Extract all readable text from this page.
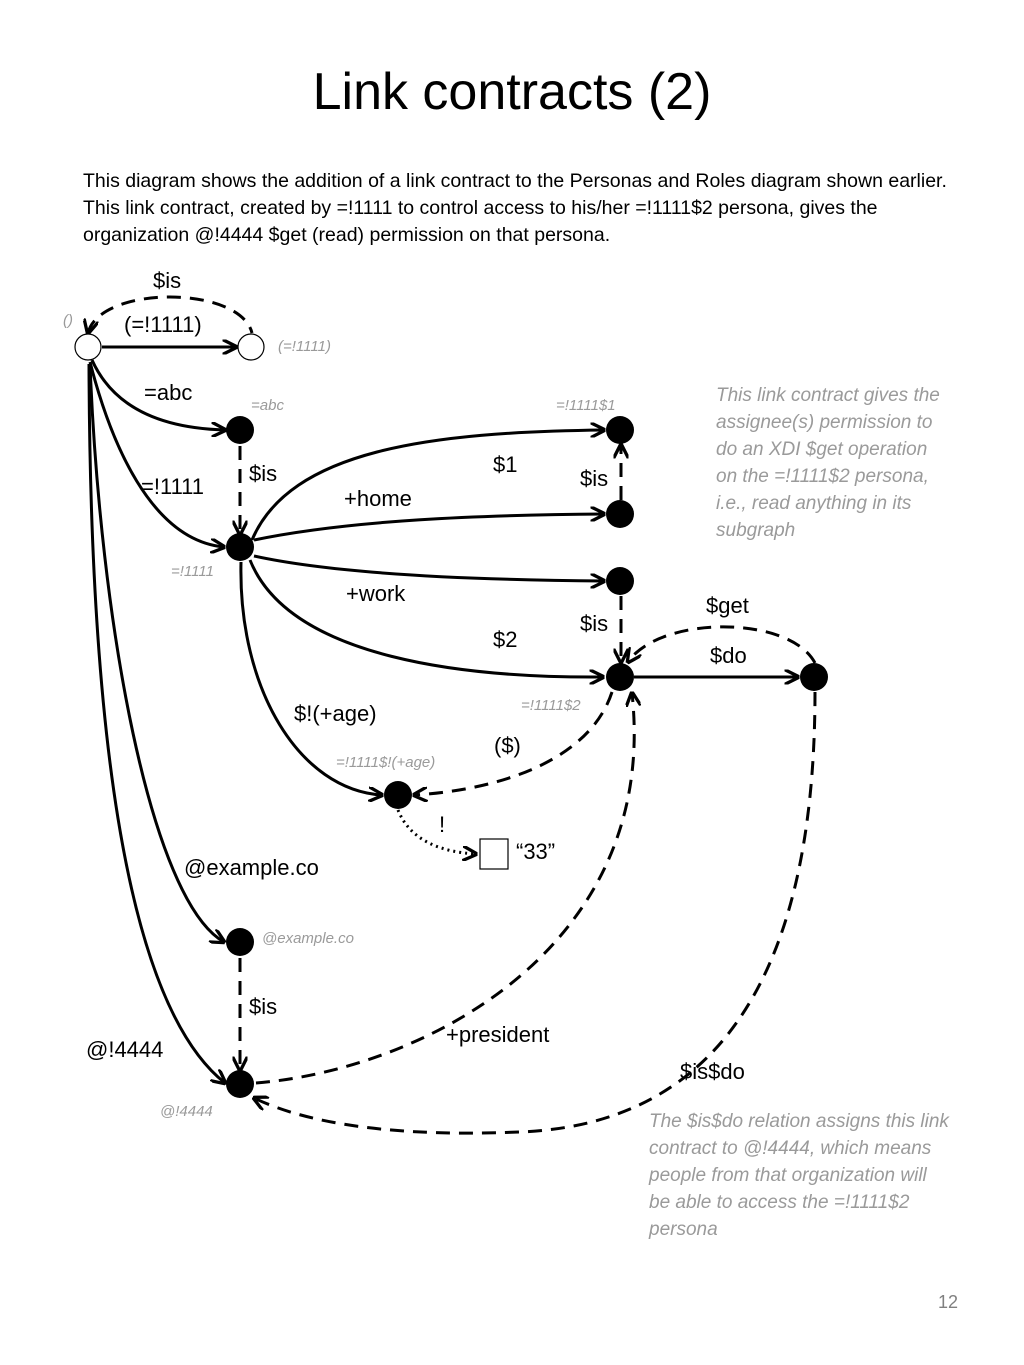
Link contracts (2)
This diagram shows the addition of a link contract to the Personas and Roles diagram shown earlier. This link contract, created by =!1111 to control access to his/her =!1111$2 persona, gives the organization @!4444 $get (read) permission on that persona.
$is
(=!1111)
=abc
$is
=!1111
$1
$is
+home
+work
$is
$2
$get
$do
$!(+age)
($)
!
“33”
@example.co
$is
@!4444
+president
$is$do
()
(=!1111)
=abc	=!1111$1
=!1111
=!1111$2
=!1111$!(+age)
@example.co
@!4444
This link contract gives the assignee(s) permission to do an XDI $get operation on the =!1111$2 persona, i.e., read anything in its subgraph
The $is$do relation assigns this link contract to @!4444, which means people from that organization will be able to access the =!1111$2 persona
12
